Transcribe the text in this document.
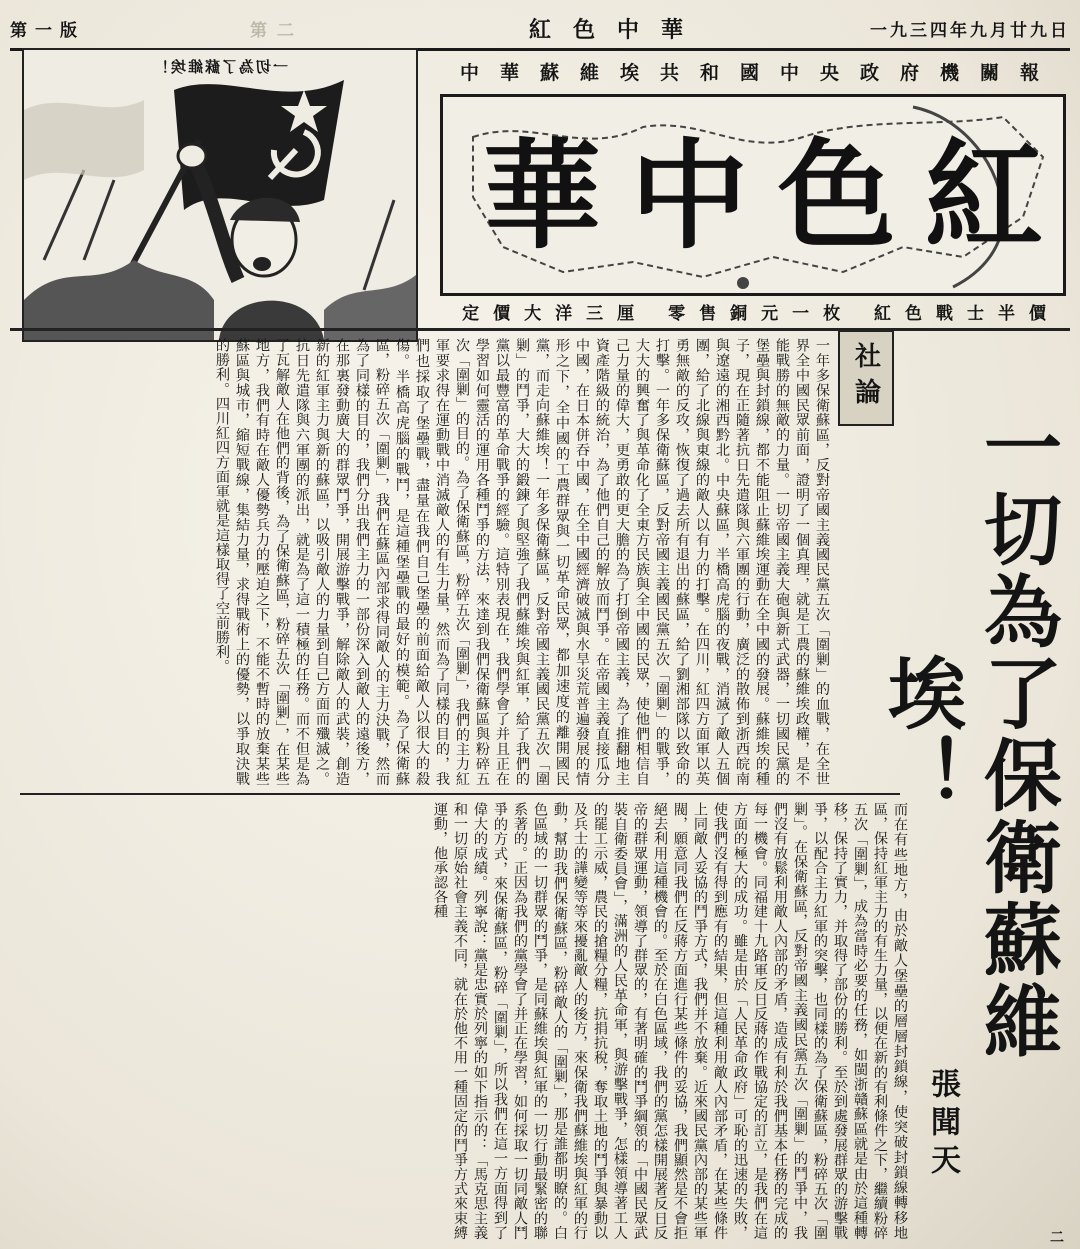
第一版	第二	紅色中華	一九三四年九月廿九日
一切為了蘇維埃！	中華蘇維埃共和國中央政府機關報
紅
色
中
華
定價大洋三厘 零售銅元一枚 紅色戰士半價
一切為了保衛蘇維埃！
張聞天
社論
一年多保衛蘇區，反對帝國主義國民黨五次「圍剿」的血戰，在全世界全中國民眾前面，證明了一個真理，就是工農的蘇維埃政權，是不能戰勝的無敵的力量。一切帝國主義大砲與新式武器，一切國民黨的堡壘與封鎖線，都不能阻止蘇維埃運動在全中國的發展。蘇維埃的種子，現在正隨著抗日先遣隊與六軍團的行動，廣泛的散佈到浙西皖南與遼遠的湘西黔北。中央蘇區，半橋高虎腦的夜戰，消滅了敵人五個團，給了北線與東線的敵人以有力的打擊。在四川，紅四方面軍以英勇無敵的反攻，恢復了過去所有退出的蘇區，給了劉湘部隊以致命的打擊。一年多保衛蘇區，反對帝國主義國民黨五次「圍剿」的戰爭，大大的興奮了與革命化了全東方民族與全中國的民眾，使他們相信自己力量的偉大，更勇敢的更大膽的為了打倒帝國主義，為了推翻地主資產階級的統治，為了他們自己的解放而鬥爭。在帝國主義直接瓜分中國，在日本併吞中國，在全中國經濟破滅與水旱災荒普遍發展的情形之下，全中國的工農群眾與一切革命民眾，都加速度的離開國民黨，而走向蘇維埃！一年多保衛蘇區，反對帝國主義國民黨五次「圍剿」的鬥爭，大大的鍛鍊了與堅強了我們蘇維埃與紅軍，給了我們的黨以最豐富的革命戰爭的經驗。這特別表現在，我們學會了并且正在學習如何靈活的運用各種鬥爭的方法，來達到我們保衛蘇區與粉碎五次「圍剿」的目的。為了保衛蘇區，粉碎五次「圍剿」，我們的主力紅軍要求得在運動戰中消滅敵人的有生力量，然而為了同樣的目的，我們也採取了堡壘戰，盡量在我們自己堡壘的前面給敵人以很大的殺傷。半橋高虎腦的戰鬥，是這種堡壘戰的最好的模範。為了保衛蘇區，粉碎五次「圍剿」，我們在蘇區內部求得同敵人的主力決戰，然而為了同樣的目的，我們分出我們主力的一部份深入到敵人的遠後方，在那裏發動廣大的群眾鬥爭，開展游擊戰爭，解除敵人的武裝，創造新的紅軍主力與新的蘇區，以吸引敵人的力量到自己方面而殲滅之。抗日先遣隊與六軍團的派出，就是為了這一積極的任務。而不但是為了瓦解敵人在他們的背後，為了保衛蘇區，粉碎五次「圍剿」，在某些地方，我們有時在敵人優勢兵力的壓迫之下，不能不暫時的放棄某些蘇區與城市，縮短戰線，集結力量，求得戰術上的優勢，以爭取決戰的勝利。四川紅四方面軍就是這樣取得了空前勝利。
而在有些地方，由於敵人堡壘的層層封鎖線，使突破封鎖線轉移地區，保持紅軍主力的有生力量，以便在新的有利條件之下，繼續粉碎五次「圍剿」，成為當時必要的任務，如閩浙贛蘇區就是由於這種轉移，保持了實力，并取得了部份的勝利。至於到處發展群眾的游擊戰爭，以配合主力紅軍的突擊，也同樣的為了保衛蘇區，粉碎五次「圍剿」。在保衛蘇區，反對帝國主義國民黨五次「圍剿」的鬥爭中，我們沒有放鬆利用敵人內部的矛盾，造成有利於我們基本任務的完成的每一機會。同福建十九路軍反日反蔣的作戰協定的訂立，是我們在這方面的極大的成功。雖是由於「人民革命政府」可恥的迅速的失敗，使我們沒有得到應有的結果，但這種利用敵人內部矛盾，在某些條件上同敵人妥協的鬥爭方式，我們并不放棄。近來國民黨內部的某些軍閥，願意同我們在反蔣方面進行某些條件的妥協，我們顯然是不會拒絕去利用這種機會的。至於在白色區域，我們的黨怎樣開展著反日反帝的群眾運動，領導了群眾的，有著明確的鬥爭綱領的「中國民眾武裝自衛委員會」，滿洲的人民革命軍，與游擊戰爭，怎樣領導著工人的罷工示威，農民的搶糧分糧，抗捐抗稅，奪取土地的鬥爭與暴動以及兵士的譁變等等來擾亂敵人的後方，來保衛我們蘇維埃與紅軍的行動，幫助我們保衛蘇區，粉碎敵人的「圍剿」，那是誰都明瞭的。白色區域的一切群眾的鬥爭，是同蘇維埃與紅軍的一切行動最緊密的聯系著的。正因為我們的黨學會了并正在學習，如何採取一切同敵人鬥爭的方式，來保衛蘇區，粉碎「圍剿」，所以我們在這一方面得到了偉大的成績。列寧說：黨是忠實於列寧的如下指示的：「馬克思主義和一切原始社會主義不同，就在於他不用一種固定的鬥爭方式來束縛運動，他承認各種
二
